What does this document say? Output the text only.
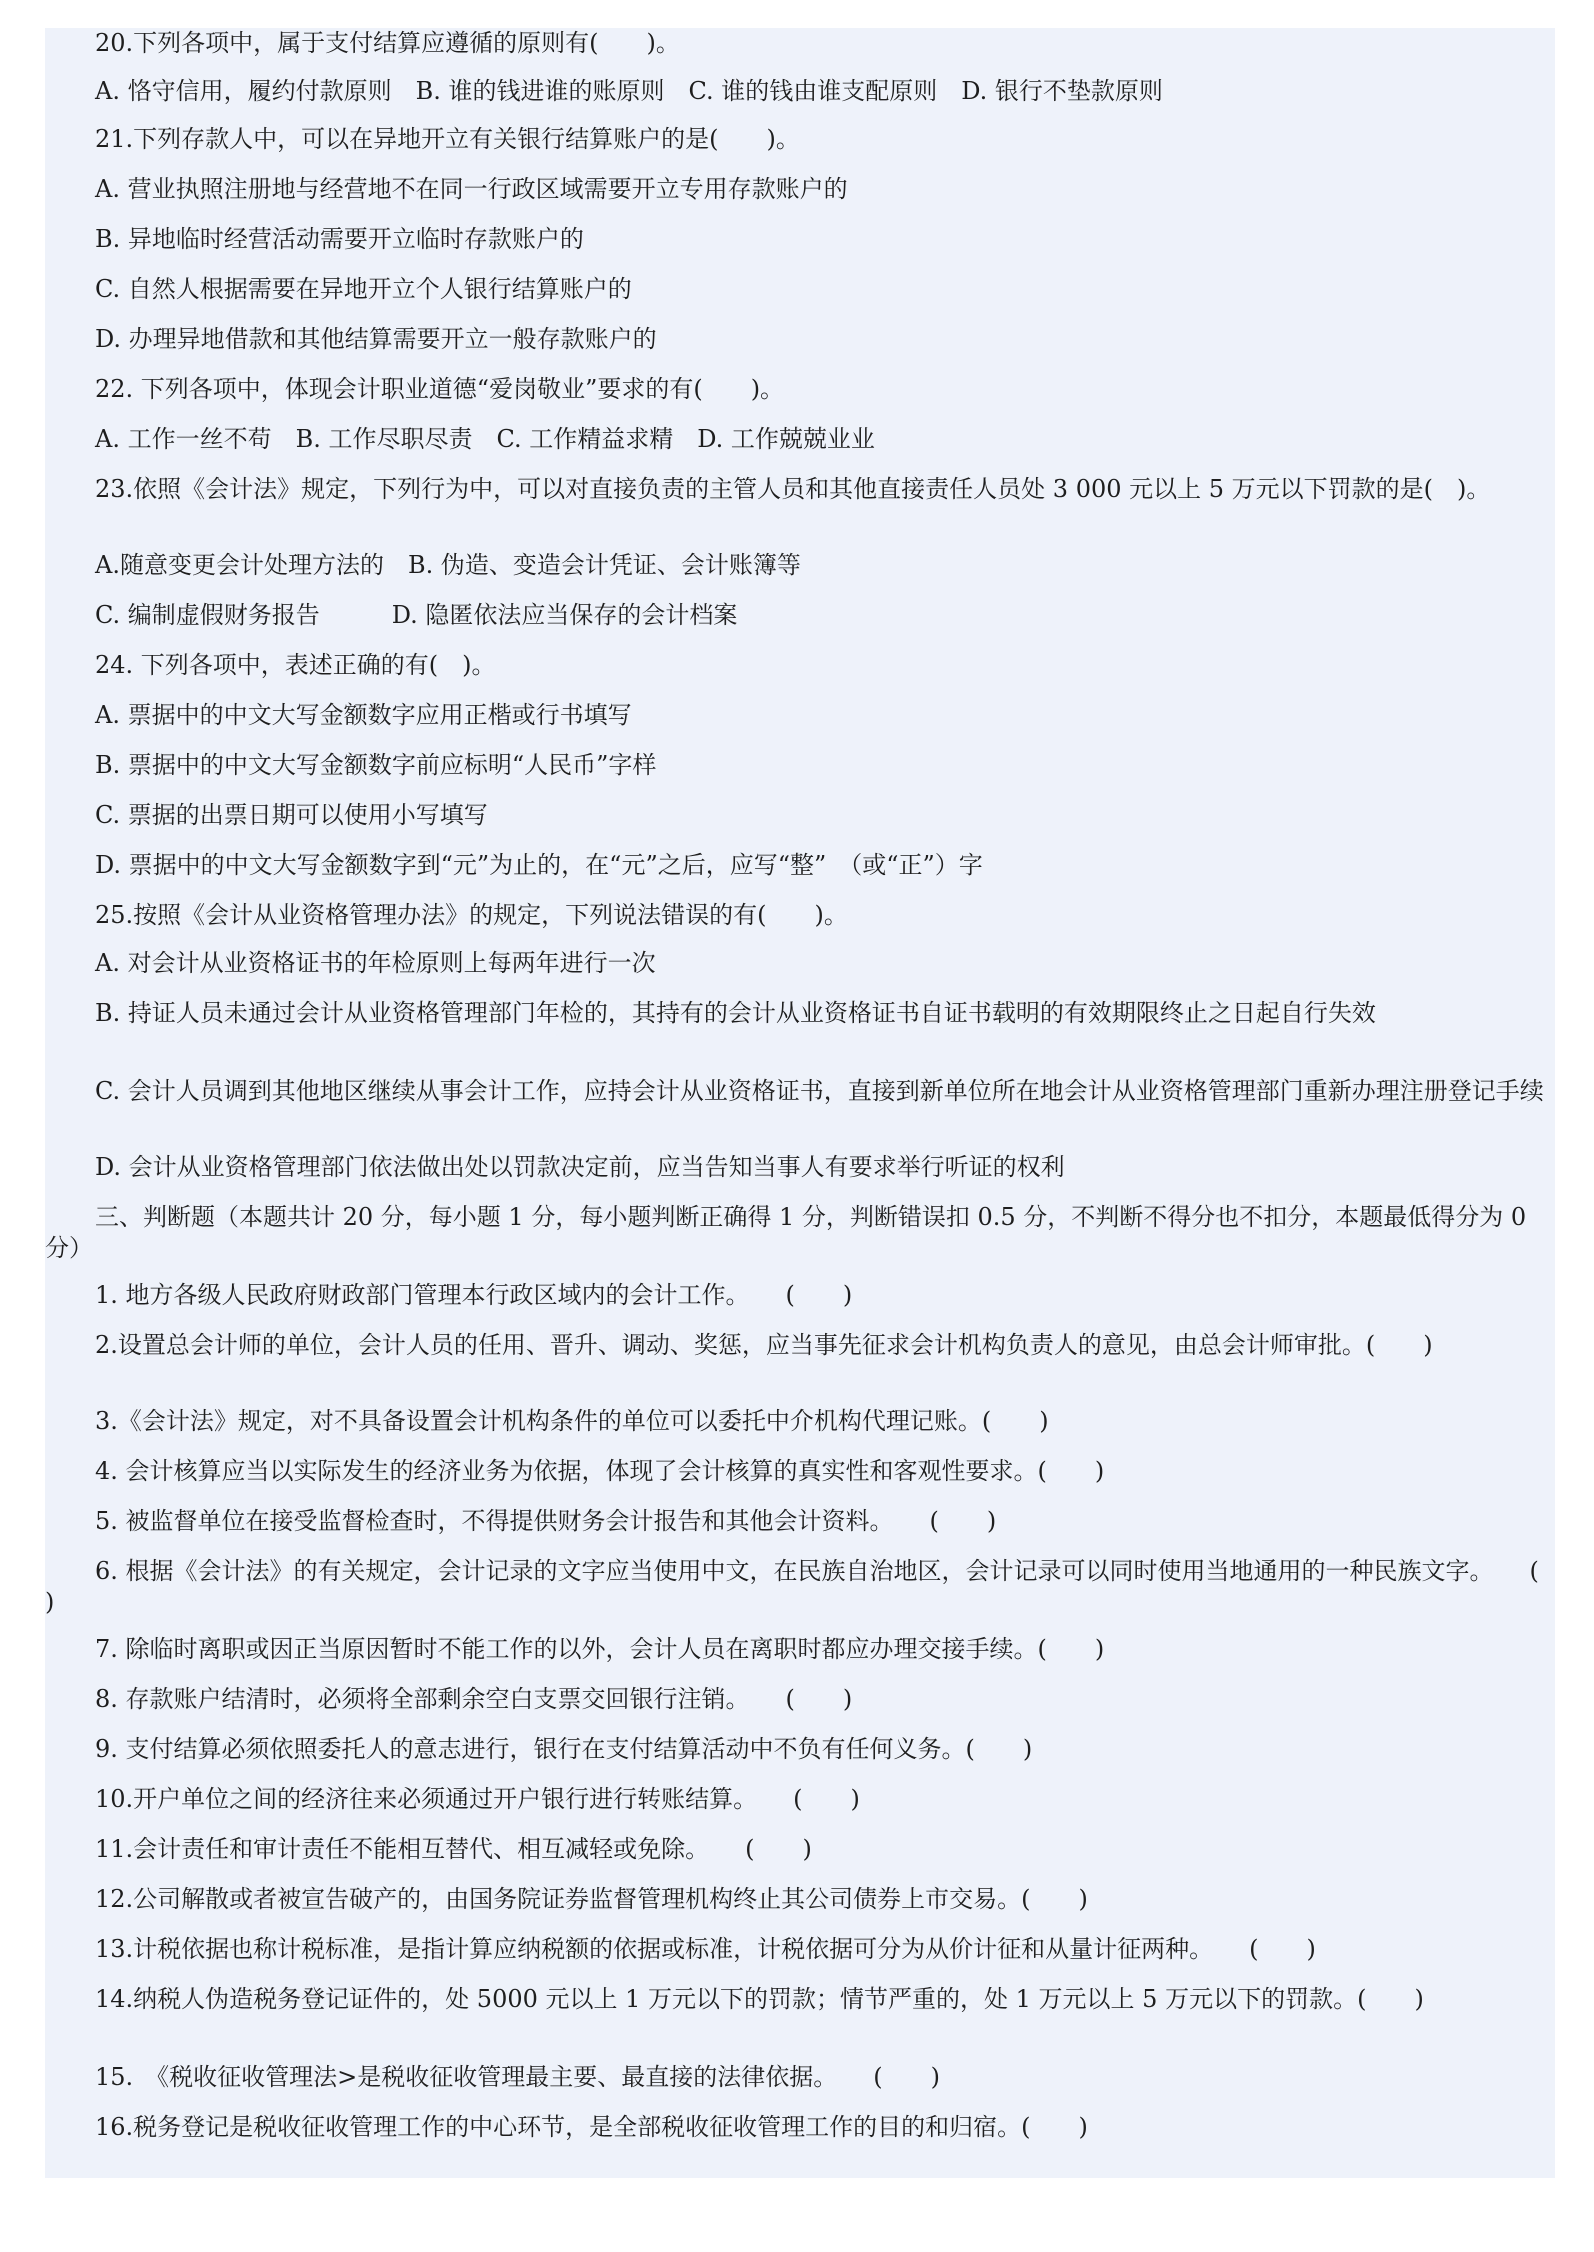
20.下列各项中，属于支付结算应遵循的原则有(　　)。
A. 恪守信用，履约付款原则　B. 谁的钱进谁的账原则　C. 谁的钱由谁支配原则　D. 银行不垫款原则
21.下列存款人中，可以在异地开立有关银行结算账户的是(　　)。
A. 营业执照注册地与经营地不在同一行政区域需要开立专用存款账户的
B. 异地临时经营活动需要开立临时存款账户的
C. 自然人根据需要在异地开立个人银行结算账户的
D. 办理异地借款和其他结算需要开立一般存款账户的
22. 下列各项中，体现会计职业道德“爱岗敬业”要求的有(　　)。
A. 工作一丝不苟　B. 工作尽职尽责　C. 工作精益求精　D. 工作兢兢业业
23.依照《会计法》规定，下列行为中，可以对直接负责的主管人员和其他直接责任人员处 3 000 元以上 5 万元以下罚款的是(　)。
A.随意变更会计处理方法的　B. 伪造、变造会计凭证、会计账簿等
C. 编制虚假财务报告　　　D. 隐匿依法应当保存的会计档案
24. 下列各项中，表述正确的有(　)。
A. 票据中的中文大写金额数字应用正楷或行书填写
B. 票据中的中文大写金额数字前应标明“人民币”字样
C. 票据的出票日期可以使用小写填写
D. 票据中的中文大写金额数字到“元”为止的，在“元”之后，应写“整”　（或“正”）字
25.按照《会计从业资格管理办法》的规定，下列说法错误的有(　　)。
A. 对会计从业资格证书的年检原则上每两年进行一次
B. 持证人员未通过会计从业资格管理部门年检的，其持有的会计从业资格证书自证书载明的有效期限终止之日起自行失效
C. 会计人员调到其他地区继续从事会计工作，应持会计从业资格证书，直接到新单位所在地会计从业资格管理部门重新办理注册登记手续
D. 会计从业资格管理部门依法做出处以罚款决定前，应当告知当事人有要求举行听证的权利
三、判断题（本题共计 20 分，每小题 1 分，每小题判断正确得 1 分，判断错误扣 0.5 分，不判断不得分也不扣分，本题最低得分为 0 分）
1. 地方各级人民政府财政部门管理本行政区域内的会计工作。　　(　　)
2.设置总会计师的单位，会计人员的任用、晋升、调动、奖惩，应当事先征求会计机构负责人的意见，由总会计师审批。(　　)
3.《会计法》规定，对不具备设置会计机构条件的单位可以委托中介机构代理记账。(　　)
4. 会计核算应当以实际发生的经济业务为依据，体现了会计核算的真实性和客观性要求。(　　)
5. 被监督单位在接受监督检查时，不得提供财务会计报告和其他会计资料。　　(　　)
6. 根据《会计法》的有关规定，会计记录的文字应当使用中文，在民族自治地区，会计记录可以同时使用当地通用的一种民族文字。　　(　　)
7. 除临时离职或因正当原因暂时不能工作的以外，会计人员在离职时都应办理交接手续。(　　)
8. 存款账户结清时，必须将全部剩余空白支票交回银行注销。　　(　　)
9. 支付结算必须依照委托人的意志进行，银行在支付结算活动中不负有任何义务。(　　)
10.开户单位之间的经济往来必须通过开户银行进行转账结算。　　(　　)
11.会计责任和审计责任不能相互替代、相互减轻或免除。　　(　　)
12.公司解散或者被宣告破产的，由国务院证券监督管理机构终止其公司债券上市交易。(　　)
13.计税依据也称计税标准，是指计算应纳税额的依据或标准，计税依据可分为从价计征和从量计征两种。　　(　　)
14.纳税人伪造税务登记证件的，处 5000 元以上 1 万元以下的罚款；情节严重的，处 1 万元以上 5 万元以下的罚款。(　　)
15.　《税收征收管理法>是税收征收管理最主要、最直接的法律依据。　　(　　)
16.税务登记是税收征收管理工作的中心环节，是全部税收征收管理工作的目的和归宿。(　　)
